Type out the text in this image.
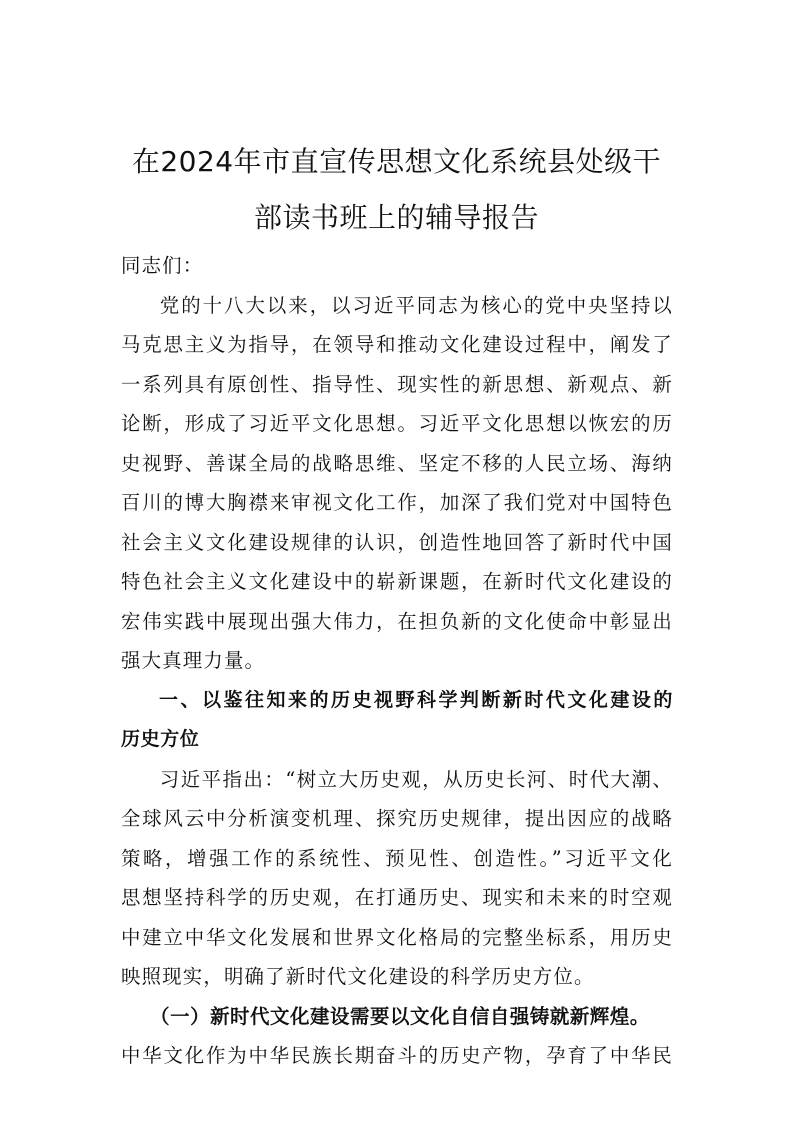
在2024年市直宣传思想文化系统县处级干
部读书班上的辅导报告

同志们：

党的十八大以来，以习近平同志为核心的党中央坚持以
马克思主义为指导，在领导和推动文化建设过程中，阐发了
一系列具有原创性、指导性、现实性的新思想、新观点、新
论断，形成了习近平文化思想。习近平文化思想以恢宏的历
史视野、善谋全局的战略思维、坚定不移的人民立场、海纳
百川的博大胸襟来审视文化工作，加深了我们党对中国特色
社会主义文化建设规律的认识，创造性地回答了新时代中国
特色社会主义文化建设中的崭新课题，在新时代文化建设的
宏伟实践中展现出强大伟力，在担负新的文化使命中彰显出
强大真理力量。

一、以鉴往知来的历史视野科学判断新时代文化建设的
历史方位

习近平指出：“树立大历史观，从历史长河、时代大潮、
全球风云中分析演变机理、探究历史规律，提出因应的战略
策略，增强工作的系统性、预见性、创造性。”习近平文化
思想坚持科学的历史观，在打通历史、现实和未来的时空观
中建立中华文化发展和世界文化格局的完整坐标系，用历史
映照现实，明确了新时代文化建设的科学历史方位。

（一）新时代文化建设需要以文化自信自强铸就新辉煌。

中华文化作为中华民族长期奋斗的历史产物，孕育了中华民
